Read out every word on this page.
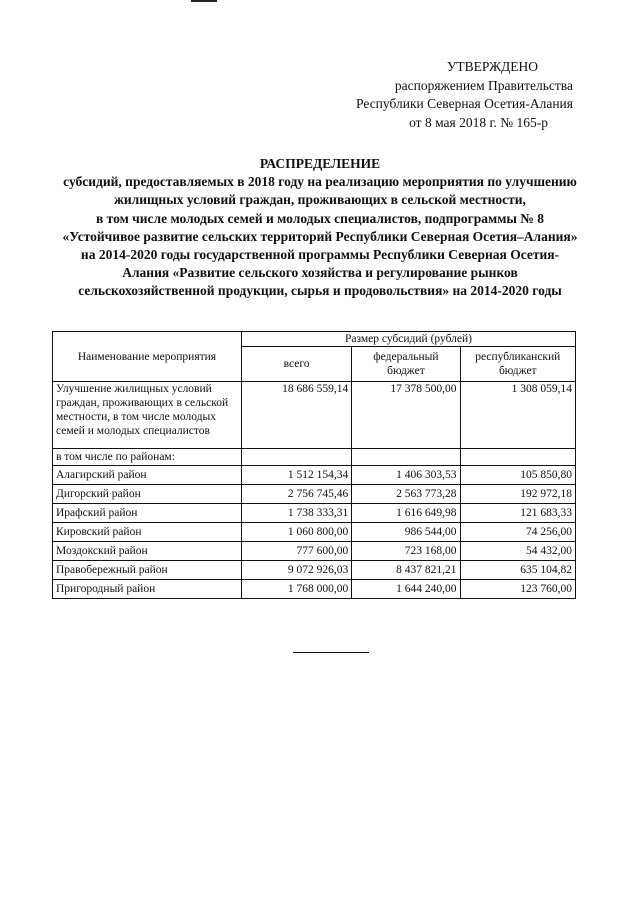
УТВЕРЖДЕНО
распоряжением Правительства
Республики Северная Осетия-Алания
от 8 мая 2018 г. № 165-р
РАСПРЕДЕЛЕНИЕ
субсидий, предоставляемых в 2018 году на реализацию мероприятия по улучшению
жилищных условий граждан, проживающих в сельской местности,
в том числе молодых семей и молодых специалистов, подпрограммы № 8
«Устойчивое развитие сельских территорий Республики Северная Осетия–Алания»
на 2014-2020 годы государственной программы Республики Северная Осетия-
Алания «Развитие сельского хозяйства и регулирование рынков
сельскохозяйственной продукции, сырья и продовольствия» на 2014-2020 годы
Наименование мероприятия	Размер субсидий (рублей)		
	всего	федеральный бюджет	республиканский бюджет
Улучшение жилищных условий граждан, проживающих в сельской местности, в том числе молодых семей и молодых специалистов	18 686 559,14	17 378 500,00	1 308 059,14
в том числе по районам:			
Алагирский район	1 512 154,34	1 406 303,53	105 850,80
Дигорский район	2 756 745,46	2 563 773,28	192 972,18
Ирафский район	1 738 333,31	1 616 649,98	121 683,33
Кировский район	1 060 800,00	986 544,00	74 256,00
Моздокский район	777 600,00	723 168,00	54 432,00
Правобережный район	9 072 926,03	8 437 821,21	635 104,82
Пригородный район	1 768 000,00	1 644 240,00	123 760,00
